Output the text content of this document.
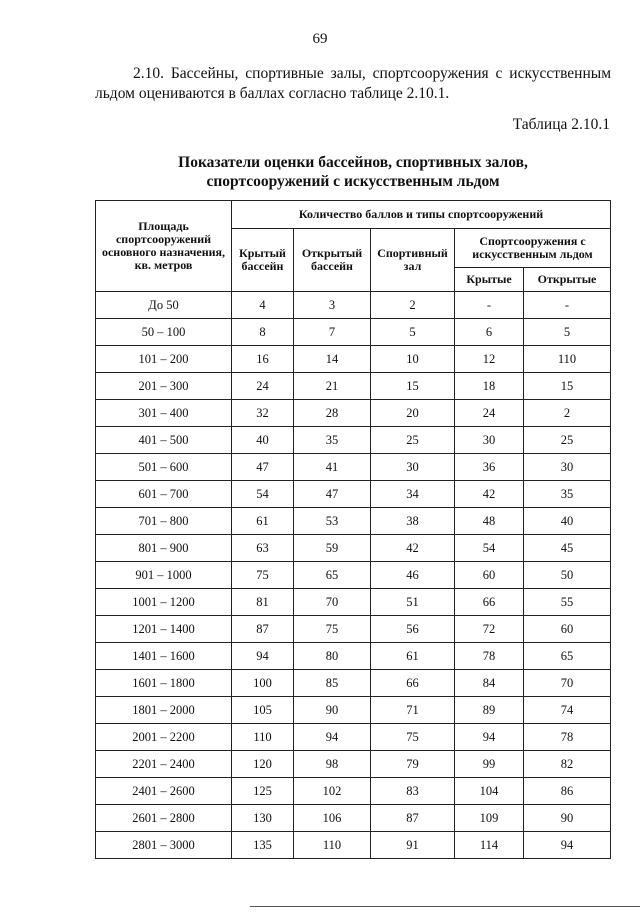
69
2.10. Бассейны, спортивные залы, спортсооружения с искусственным льдом оцениваются в баллах согласно таблице 2.10.1.
Таблица 2.10.1
Показатели оценки бассейнов, спортивных залов,
спортсооружений с искусственным льдом
Площадь спортсооружений основного назначения, кв. метров	Количество баллов и типы спортсооружений				
	Крытый бассейн	Открытый бассейн	Спортивный зал	Спортсооружения с искусственным льдом	
				Крытые	Открытые
До 50	4	3	2	-	-
50 – 100	8	7	5	6	5
101 – 200	16	14	10	12	110
201 – 300	24	21	15	18	15
301 – 400	32	28	20	24	2
401 – 500	40	35	25	30	25
501 – 600	47	41	30	36	30
601 – 700	54	47	34	42	35
701 – 800	61	53	38	48	40
801 – 900	63	59	42	54	45
901 – 1000	75	65	46	60	50
1001 – 1200	81	70	51	66	55
1201 – 1400	87	75	56	72	60
1401 – 1600	94	80	61	78	65
1601 – 1800	100	85	66	84	70
1801 – 2000	105	90	71	89	74
2001 – 2200	110	94	75	94	78
2201 – 2400	120	98	79	99	82
2401 – 2600	125	102	83	104	86
2601 – 2800	130	106	87	109	90
2801 – 3000	135	110	91	114	94
